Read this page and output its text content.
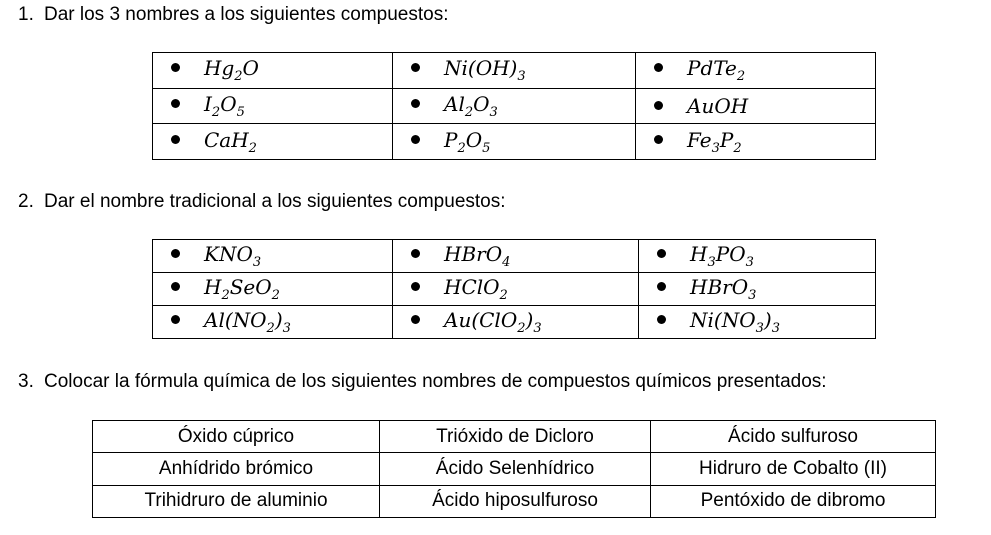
1. Dar los 3 nombres a los siguientes compuestos:
$Hg_2O$	$Ni(OH)_3$	PdTe$_2$
$I_2O_5$	$Al_2O_3$	AuOH
CaH$_2$	$P_2O_5$	$Fe_3P_2$
2. Dar el nombre tradicional a los siguientes compuestos:
$KNO_3$	HBrO$_4$	$H_3PO_3$
$H_2SeO_2$	HClO$_2$	HBrO$_3$
$Al(NO_2)_3$	$Au(ClO_2)_3$	$Ni(NO_3)_3$
3. Colocar la fórmula química de los siguientes nombres de compuestos químicos presentados:
Óxido cúprico	Trióxido de Dicloro	Ácido sulfuroso
Anhídrido brómico	Ácido Selenhídrico	Hidruro de Cobalto (II)
Trihidruro de aluminio	Ácido hiposulfuroso	Pentóxido de dibromo
